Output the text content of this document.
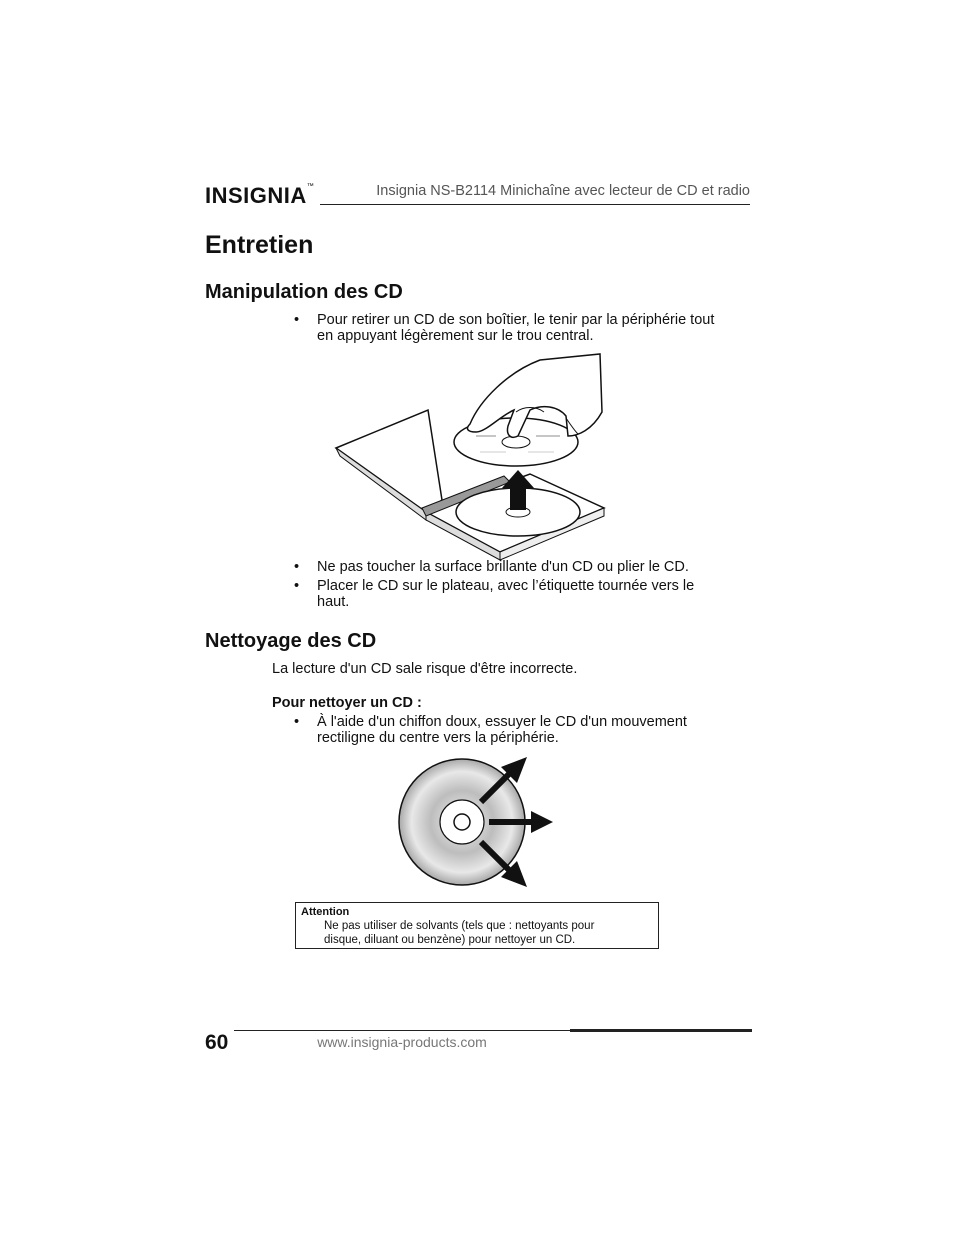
INSIGNIA™	Insignia NS-B2114 Minichaîne avec lecteur de CD et radio
Entretien
Manipulation des CD
• Pour retirer un CD de son boîtier, le tenir par la périphérie tout
en appuyant légèrement sur le trou central.
• Ne pas toucher la surface brillante d'un CD ou plier le CD.
• Placer le CD sur le plateau, avec l’étiquette tournée vers le
haut.
Nettoyage des CD
La lecture d'un CD sale risque d'être incorrecte.
Pour nettoyer un CD :
• À l'aide d'un chiffon doux, essuyer le CD d'un mouvement
rectiligne du centre vers la périphérie.
Attention
Ne pas utiliser de solvants (tels que : nettoyants pour
disque, diluant ou benzène) pour nettoyer un CD.
60	www.insignia-products.com
